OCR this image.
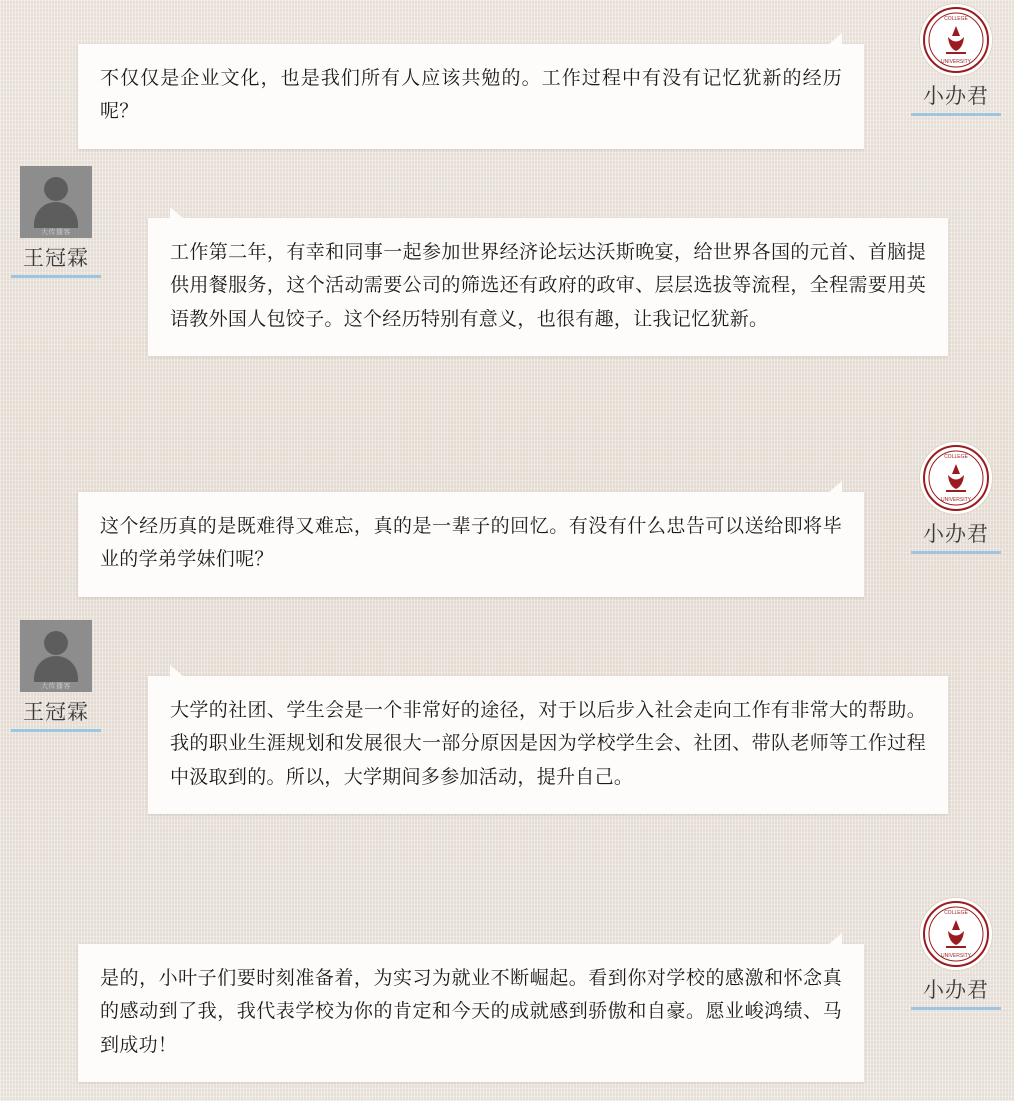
不仅仅是企业文化，也是我们所有人应该共勉的。工作过程中有没有记忆犹新的经历呢？

COLLEGE
UNIVERSITY
小办君

工作第二年，有幸和同事一起参加世界经济论坛达沃斯晚宴，给世界各国的元首、首脑提供用餐服务，这个活动需要公司的筛选还有政府的政审、层层选拔等流程，全程需要用英语教外国人包饺子。这个经历特别有意义，也很有趣，让我记忆犹新。

大传播客
王冠霖

这个经历真的是既难得又难忘，真的是一辈子的回忆。有没有什么忠告可以送给即将毕业的学弟学妹们呢？

COLLEGE
UNIVERSITY
小办君

大学的社团、学生会是一个非常好的途径，对于以后步入社会走向工作有非常大的帮助。我的职业生涯规划和发展很大一部分原因是因为学校学生会、社团、带队老师等工作过程中汲取到的。所以，大学期间多参加活动，提升自己。

大传播客
王冠霖

是的，小叶子们要时刻准备着，为实习为就业不断崛起。看到你对学校的感激和怀念真的感动到了我，我代表学校为你的肯定和今天的成就感到骄傲和自豪。愿业峻鸿绩、马到成功！

COLLEGE
UNIVERSITY
小办君
